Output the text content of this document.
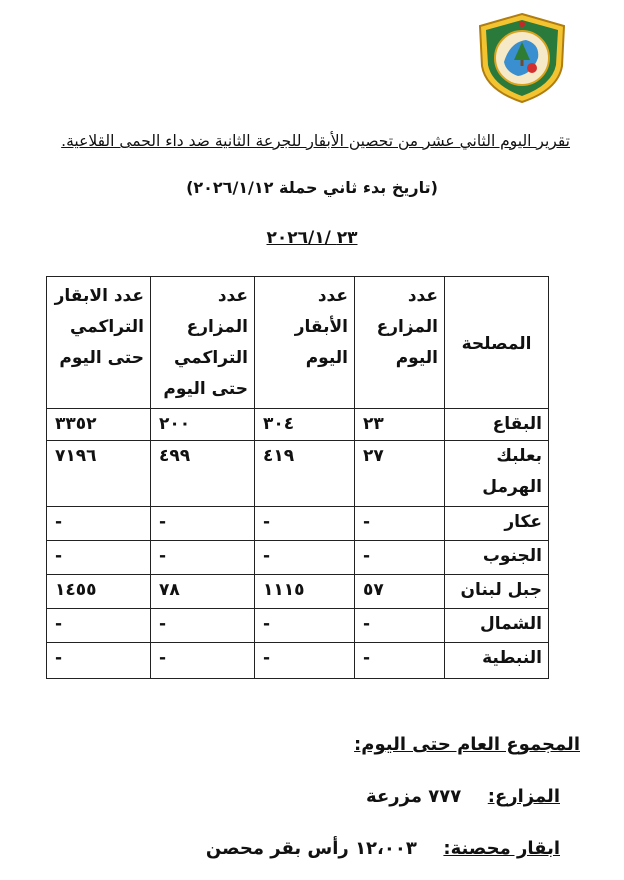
تقرير اليوم الثاني عشر من تحصين الأبقار للجرعة الثانية ضد داء الحمى القلاعية.
(تاريخ بدء ثاني حملة ٢٠٢٦/١/١٢)
٢٣ /٢٠٢٦/١
المصلحة	عدد المزارع اليوم	عدد الأبقار اليوم	عدد المزارع التراكمي حتى اليوم	عدد الابقار التراكمي حتى اليوم
البقاع	٢٣	٣٠٤	٢٠٠	٣٣٥٢
بعلبك الهرمل	٢٧	٤١٩	٤٩٩	٧١٩٦
عكار	-	-	-	-
الجنوب	-	-	-	-
جبل لبنان	٥٧	١١١٥	٧٨	١٤٥٥
الشمال	-	-	-	-
النبطية	-	-	-	-
المجموع العام حتى اليوم:
المزارع:  ٧٧٧ مزرعة
ابقار محصنة:  ١٢،٠٠٣ رأس بقر محصن
